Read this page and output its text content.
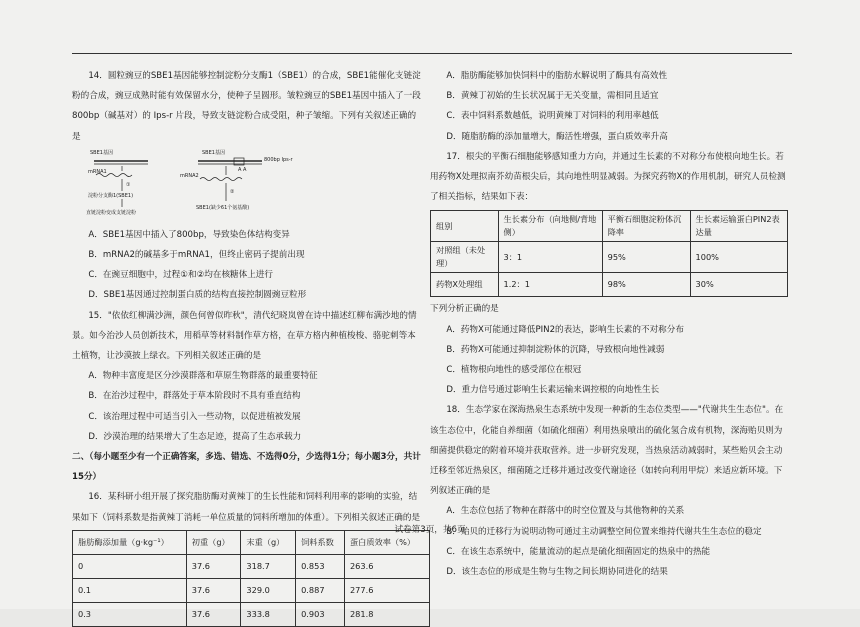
14．圆粒豌豆的SBE1基因能够控制淀粉分支酶1（SBE1）的合成，SBE1能催化支链淀粉的合成，豌豆成熟时能有效保留水分，使种子呈圆形。皱粒豌豆的SBE1基因中插入了一段800bp（碱基对）的 Ips-r 片段，导致支链淀粉合成受阻，种子皱缩。下列有关叙述正确的是

SBE1基因
mRNA1
①
淀粉分支酶1(SBE1)
直链淀粉变成支链淀粉
SBE1基因
800bp Ips-r
A A
mRNA2
②
SBE1(缺少61个氨基酸)
A．SBE1基因中插入了800bp，导致染色体结构变异
B．mRNA2的碱基多于mRNA1，但终止密码子提前出现
C．在豌豆细胞中，过程①和②均在核糖体上进行
D．SBE1基因通过控制蛋白质的结构直接控制圆豌豆粒形

15．"依依红柳满沙洲，颜色何曾似昨秋"，清代纪晓岚曾在诗中描述红柳布满沙地的情景。如今治沙人员创新技术，用稻草等材料制作草方格，在草方格内种植梭梭、骆驼刺等本土植物，让沙漠披上绿衣。下列相关叙述正确的是

A．物种丰富度是区分沙漠群落和草原生物群落的最重要特征
B．在治沙过程中，群落处于草本阶段时不具有垂直结构
C．该治理过程中可适当引入一些动物，以促进植被发展
D．沙漠治理的结果增大了生态足迹，提高了生态承载力
二、（每小题至少有一个正确答案，多选、错选、不选得0分，少选得1分；每小题3分，共计15分）

16．某科研小组开展了探究脂肪酶对黄辣丁的生长性能和饲料利用率的影响的实验，结果如下（饲料系数是指黄辣丁消耗一单位质量的饲料所增加的体重）。下列相关叙述正确的是

脂肪酶添加量（g·kg⁻¹）	初重（g）	末重（g）	饲料系数	蛋白质效率（%）
0	37.6	318.7	0.853	263.6
0.1	37.6	329.0	0.887	277.6
0.3	37.6	333.8	0.903	281.8
A．脂肪酶能够加快饲料中的脂肪水解说明了酶具有高效性
B．黄辣丁初始的生长状况属于无关变量，需相同且适宜
C．表中饲料系数越低，说明黄辣丁对饲料的利用率越低
D．随脂肪酶的添加量增大，酶活性增强，蛋白质效率升高

17．根尖的平衡石细胞能够感知重力方向，并通过生长素的不对称分布使根向地生长。若用药物X处理拟南芥幼苗根尖后，其向地性明显减弱。为探究药物X的作用机制，研究人员检测了相关指标，结果如下表：

组别	生长素分布（向地侧/背地侧）	平衡石细胞淀粉体沉降率	生长素运输蛋白PIN2表达量
对照组（未处理）	3：1	95%	100%
药物X处理组	1.2：1	98%	30%
下列分析正确的是
A．药物X可能通过降低PIN2的表达，影响生长素的不对称分布
B．药物X可能通过抑制淀粉体的沉降，导致根向地性减弱
C．植物根向地性的感受部位在根冠
D．重力信号通过影响生长素运输来调控根的向地性生长

18．生态学家在深海热泉生态系统中发现一种新的生态位类型——"代谢共生生态位"。在该生态位中，化能自养细菌（如硫化细菌）利用热泉喷出的硫化氢合成有机物，深海贻贝则为细菌提供稳定的附着环境并获取营养。进一步研究发现，当热泉活动减弱时，某些贻贝会主动迁移至邻近热泉区，细菌随之迁移并通过改变代谢途径（如转向利用甲烷）来适应新环境。下列叙述正确的是

A．生态位包括了物种在群落中的时空位置及与其他物种的关系
B．贻贝的迁移行为说明动物可通过主动调整空间位置来维持代谢共生生态位的稳定
C．在该生态系统中，能量流动的起点是硫化细菌固定的热泉中的热能
D．该生态位的形成是生物与生物之间长期协同进化的结果
试卷第3页，共6页
